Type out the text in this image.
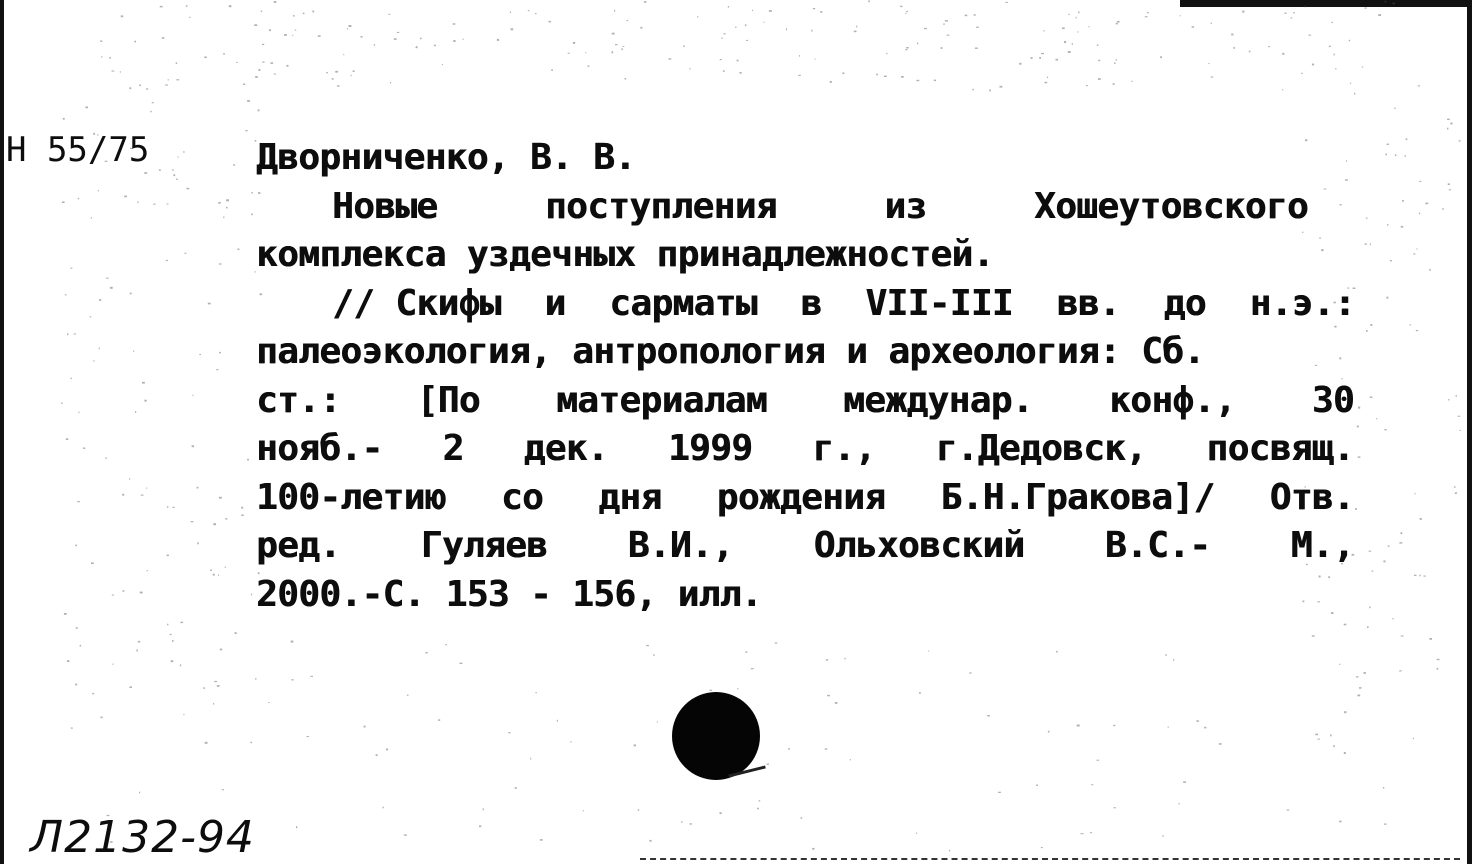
Н 55/75	Дворниченко, В. В.
Новые	поступления	из	Хошеутовского
комплекса уздечных принадлежностей.
// Скифы и сарматы в VII-III вв. до н.э.:
палеоэкология, антропология и археология: Сб.
ст.: [По материалам междунар. конф., 30
нояб.- 2 дек. 1999 г., г.Дедовск, посвящ.
100-летию со дня рождения Б.Н.Гракова]/ Отв.
ред. Гуляев В.И., Ольховский В.С.- М.,
2000.-С. 153 - 156, илл.
Л2132-94
